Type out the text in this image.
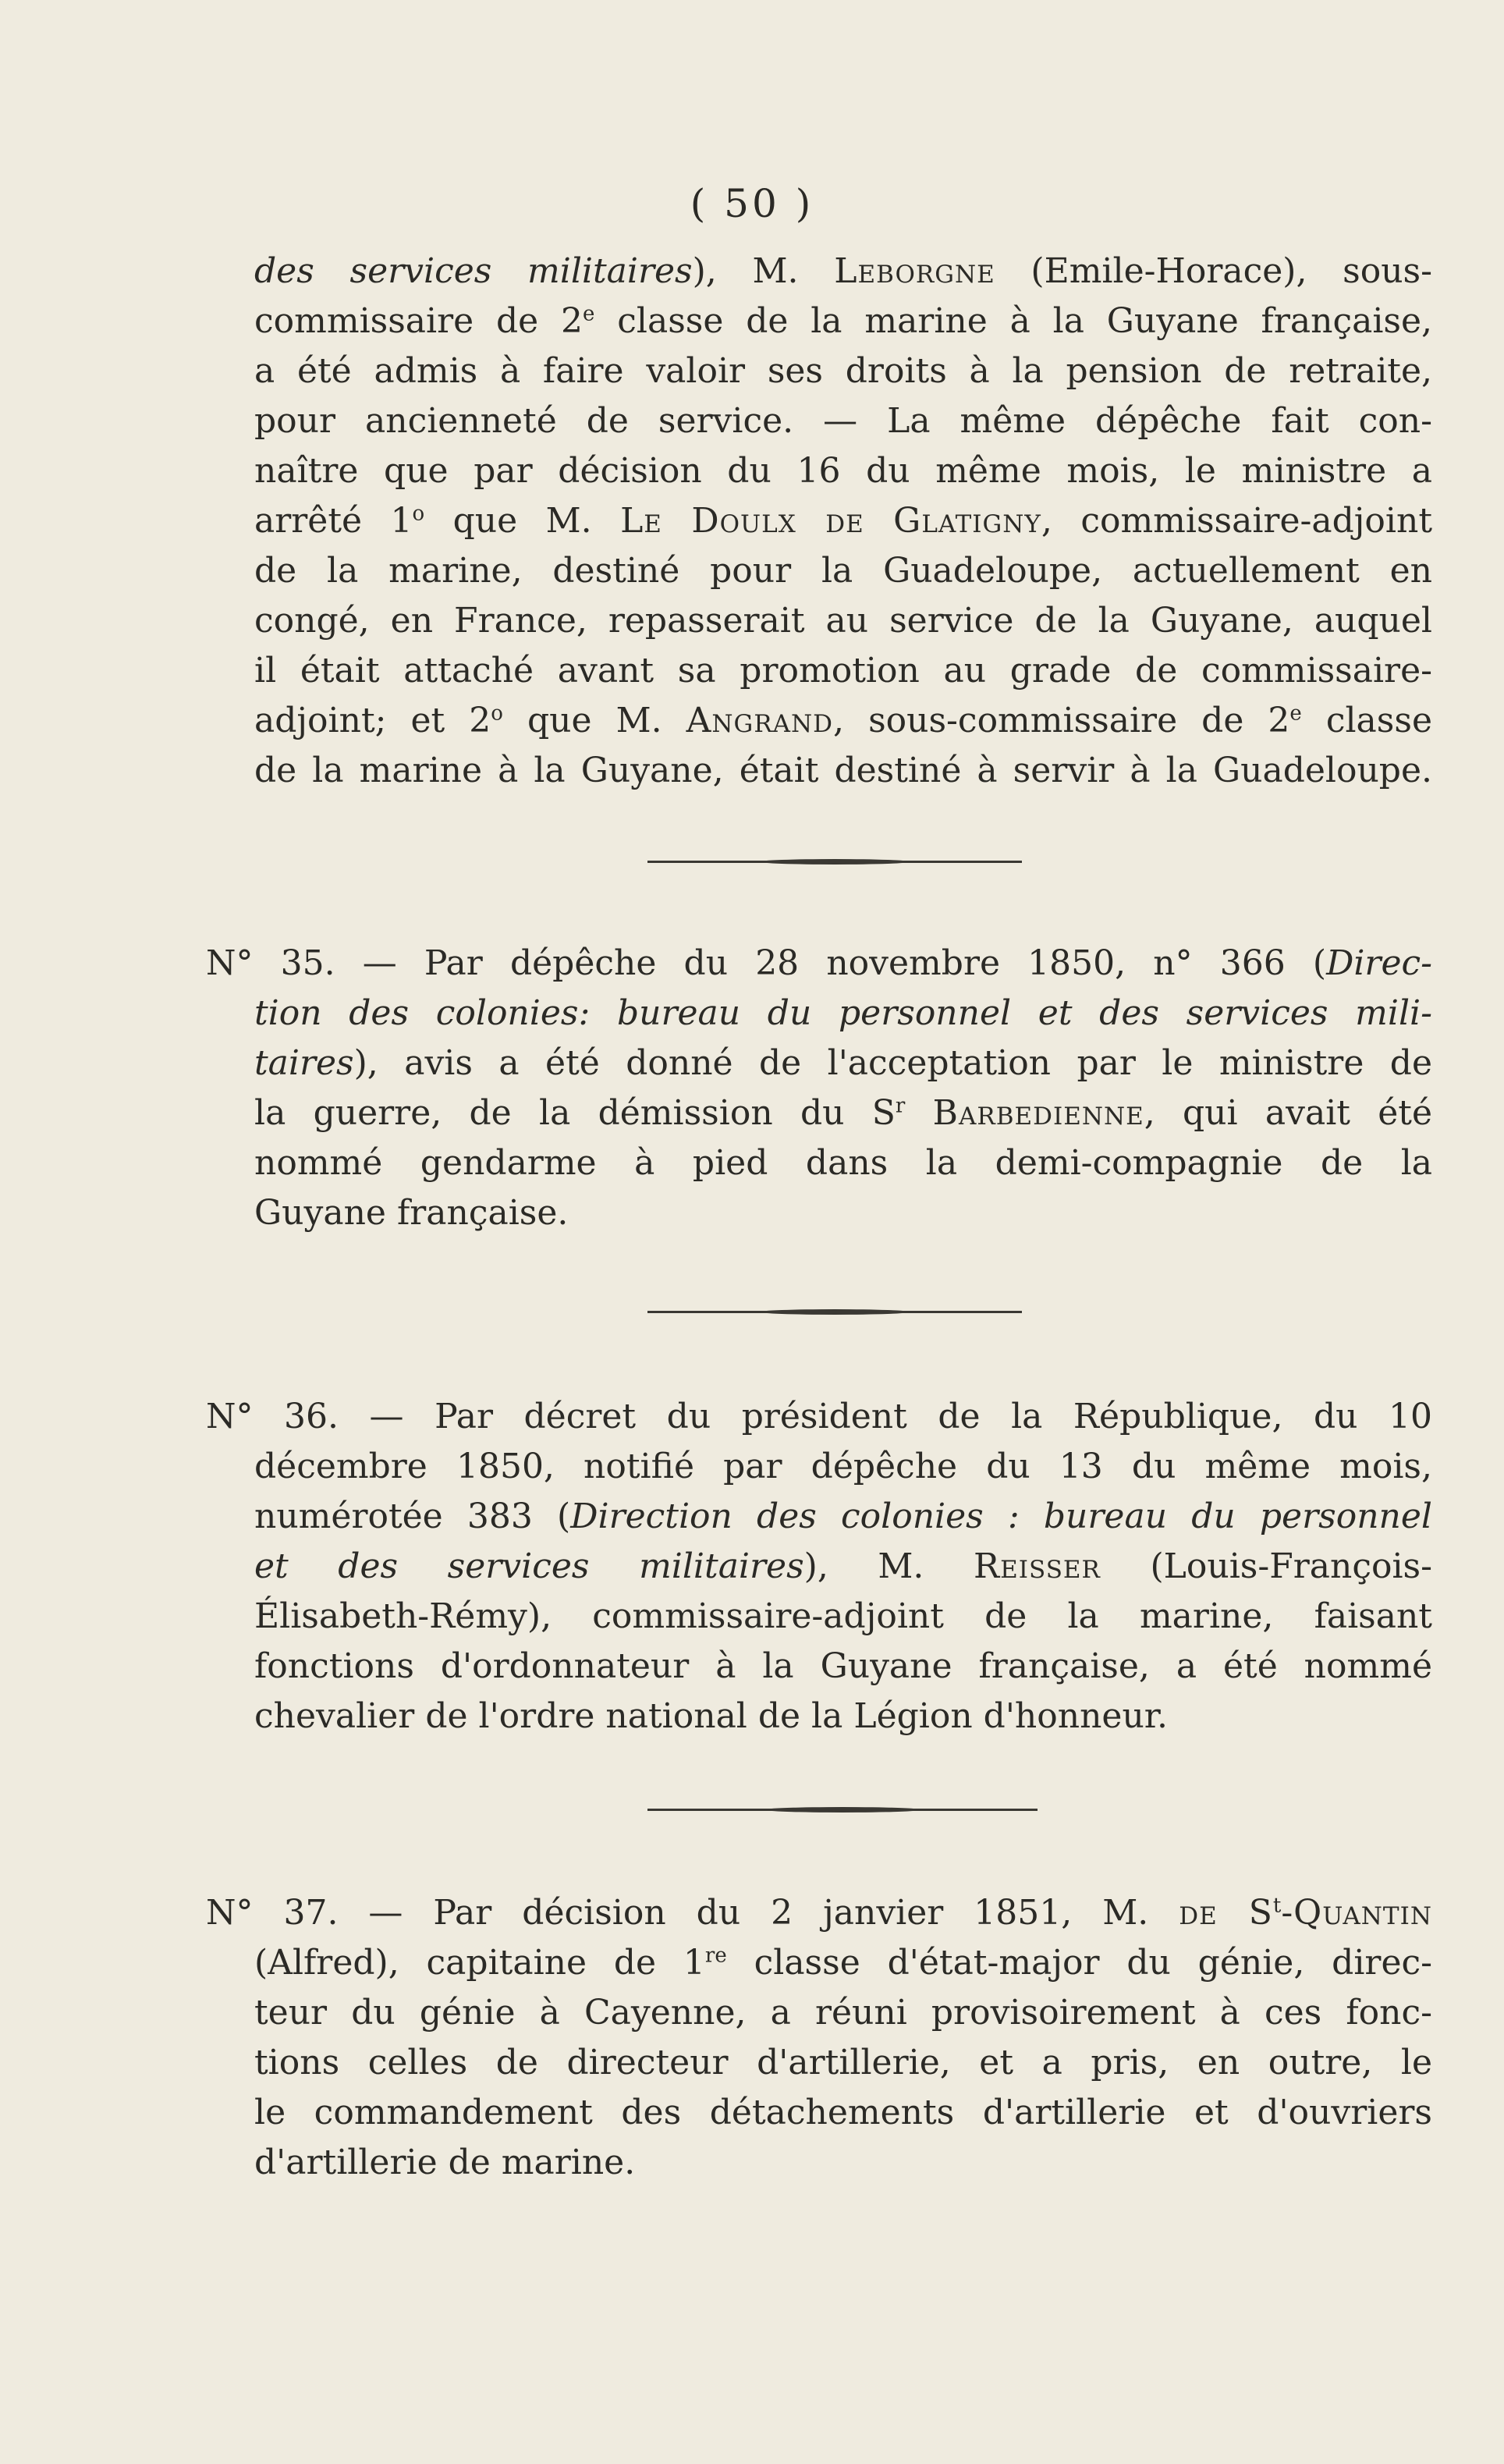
( 50 )
des services militaires), M. Leborgne (Emile-Horace), sous-
commissaire de 2e classe de la marine à la Guyane française,
a été admis à faire valoir ses droits à la pension de retraite,
pour ancienneté de service. — La même dépêche fait con-
naître que par décision du 16 du même mois, le ministre a
arrêté 1$^o$ que M. Le Doulx de Glatigny, commissaire-adjoint
de la marine, destiné pour la Guadeloupe, actuellement en
congé, en France, repasserait au service de la Guyane, auquel
il était attaché avant sa promotion au grade de commissaire-
adjoint; et 2$^o$ que M. Angrand, sous-commissaire de 2e classe
de la marine à la Guyane, était destiné à servir à la Guadeloupe.
N° 35. — Par dépêche du 28 novembre 1850, n° 366 (Direc-
tion des colonies: bureau du personnel et des services mili-
taires), avis a été donné de l'acceptation par le ministre de
la guerre, de la démission du $S^r$ Barbedienne, qui avait été
nommé gendarme à pied dans la demi-compagnie de la
Guyane française.
N° 36. — Par décret du président de la République, du 10
décembre 1850, notifié par dépêche du 13 du même mois,
numérotée 383 (Direction des colonies : bureau du personnel
et des services militaires), M. Reisser (Louis-François-
Élisabeth-Rémy), commissaire-adjoint de la marine, faisant
fonctions d'ordonnateur à la Guyane française, a été nommé
chevalier de l'ordre national de la Légion d'honneur.
N° 37. — Par décision du 2 janvier 1851, M. de $S^t$-Quantin
(Alfred), capitaine de 1re classe d'état-major du génie, direc-
teur du génie à Cayenne, a réuni provisoirement à ces fonc-
tions celles de directeur d'artillerie, et a pris, en outre, le
le commandement des détachements d'artillerie et d'ouvriers
d'artillerie de marine.
